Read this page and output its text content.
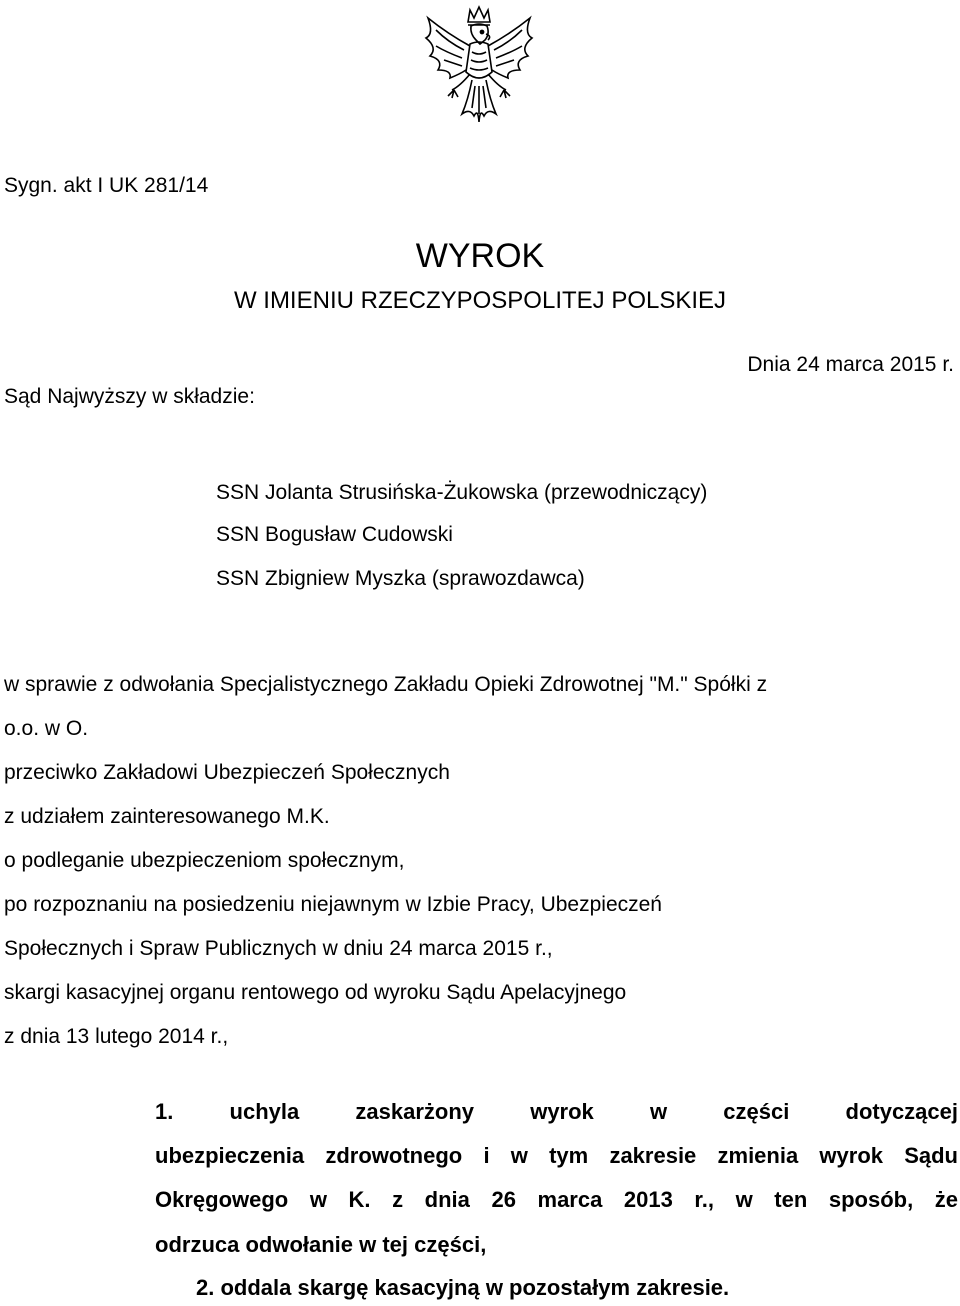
Sygn. akt I UK 281/14
WYROK
W IMIENIU RZECZYPOSPOLITEJ POLSKIEJ
Dnia 24 marca 2015 r.
Sąd Najwyższy w składzie:
SSN Jolanta Strusińska-Żukowska (przewodniczący)
SSN Bogusław Cudowski
SSN Zbigniew Myszka (sprawozdawca)
w sprawie z odwołania Specjalistycznego Zakładu Opieki Zdrowotnej "M." Spółki z
o.o. w O.
przeciwko Zakładowi Ubezpieczeń Społecznych
z udziałem zainteresowanego M.K.
o podleganie ubezpieczeniom społecznym,
po rozpoznaniu na posiedzeniu niejawnym w Izbie Pracy, Ubezpieczeń
Społecznych i Spraw Publicznych w dniu 24 marca 2015 r.,
skargi kasacyjnej organu rentowego od wyroku Sądu Apelacyjnego
z dnia 13 lutego 2014 r.,
1. uchyla zaskarżony wyrok w części dotyczącej
ubezpieczenia zdrowotnego i w tym zakresie zmienia wyrok Sądu
Okręgowego w K. z dnia 26 marca 2013 r., w ten sposób, że
odrzuca odwołanie w tej części,
2. oddala skargę kasacyjną w pozostałym zakresie.
